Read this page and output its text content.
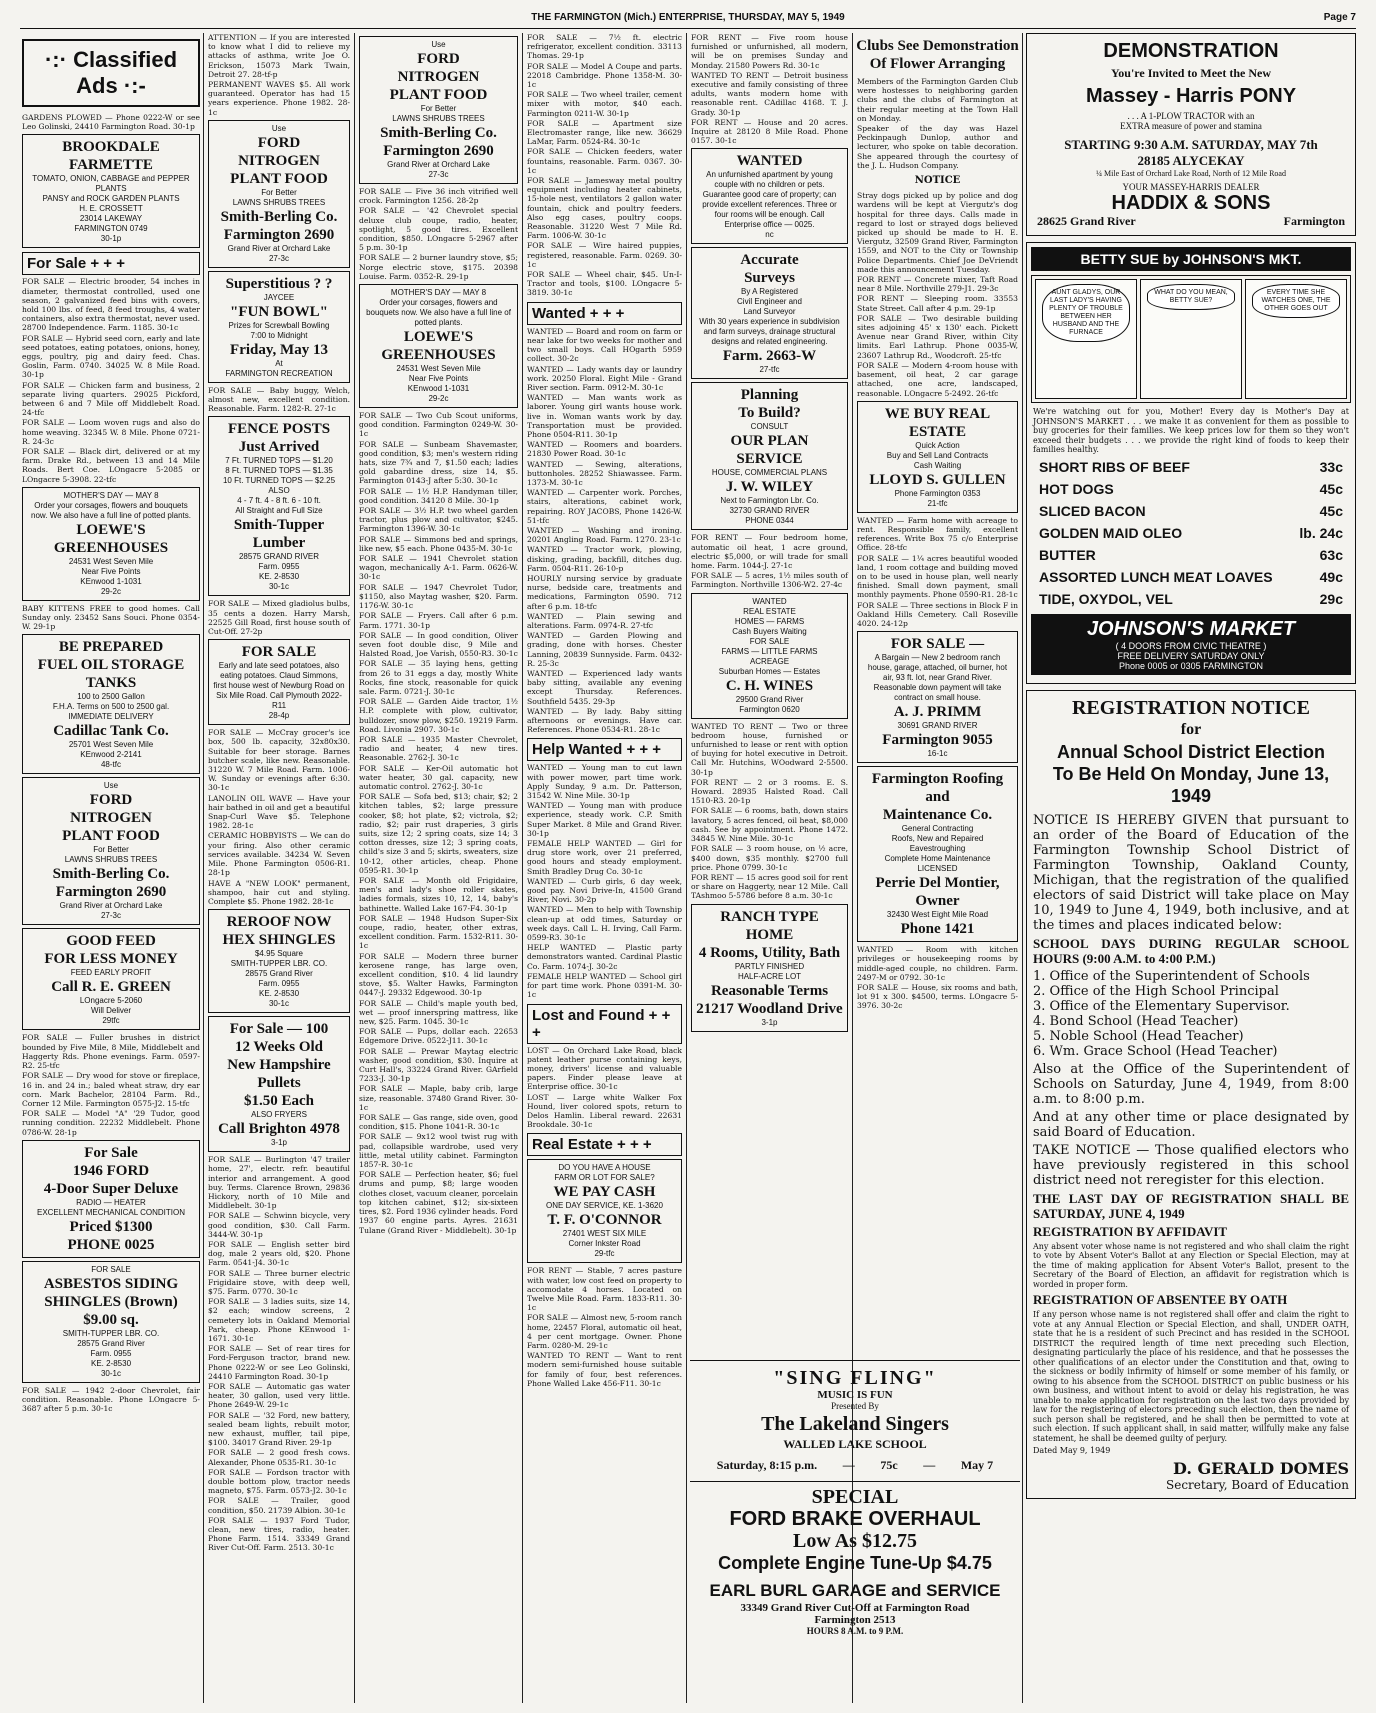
THE FARMINGTON (Mich.) ENTERPRISE, THURSDAY, MAY 5, 1949	Page 7
·:· Classified Ads ·:-

GARDENS PLOWED — Phone 0222-W or see Leo Golinski, 24410 Farmington Road. 30-1p

BROOKDALE FARMETTE
TOMATO, ONION, CABBAGE and PEPPER PLANTS
PANSY and ROCK GARDEN PLANTS
H. E. CROSSETT
23014 LAKEWAY
FARMINGTON 0749
30-1p
For Sale + + +

FOR SALE — Electric brooder, 54 inches in diameter, thermostat controlled, used one season, 2 galvanized feed bins with covers, hold 100 lbs. of feed, 8 feed troughs, 4 water containers, also extra thermostat, never used. 28700 Independence. Farm. 1185. 30-1c

FOR SALE — Hybrid seed corn, early and late seed potatoes, eating potatoes, onions, honey, eggs, poultry, pig and dairy feed. Chas. Goslin, Farm. 0740. 34025 W. 8 Mile Road. 30-1p

FOR SALE — Chicken farm and business, 2 separate living quarters. 29025 Pickford, between 6 and 7 Mile off Middlebelt Road. 24-tfc

FOR SALE — Loom woven rugs and also do home weaving. 32345 W. 8 Mile. Phone 0721-R. 24-3c

FOR SALE — Black dirt, delivered or at my farm. Drake Rd., between 13 and 14 Mile Roads. Bert Coe. LOngacre 5-2085 or LOngacre 5-3908. 22-tfc

MOTHER'S DAY — MAY 8
Order your corsages, flowers and bouquets now. We also have a full line of potted plants.
LOEWE'S GREENHOUSES
24531 West Seven Mile
Near Five Points
KEnwood 1-1031
29-2c

BABY KITTENS FREE to good homes. Call Sunday only. 23452 Sans Souci. Phone 0354-W. 29-1p

BE PREPARED
FUEL OIL STORAGE TANKS
100 to 2500 Gallon
F.H.A. Terms on 500 to 2500 gal.
IMMEDIATE DELIVERY
Cadillac Tank Co.
25701 West Seven Mile
KEnwood 2-2141
48-tfc
Use
FORD
NITROGEN
PLANT FOOD
For Better
LAWNS SHRUBS TREES
Smith-Berling Co.
Farmington 2690
Grand River at Orchard Lake
27-3c
GOOD FEED
FOR LESS MONEY
FEED EARLY PROFIT
Call R. E. GREEN
LOngacre 5-2060
Will Deliver
29tfc

FOR SALE — Fuller brushes in district bounded by Five Mile, 8 Mile, Middlebelt and Haggerty Rds. Phone evenings. Farm. 0597-R2. 25-tfc

FOR SALE — Dry wood for stove or fireplace, 16 in. and 24 in.; baled wheat straw, dry ear corn. Mark Bachelor, 28104 Farm. Rd., Corner 12 Mile. Farmington 0575-J2. 15-tfc

FOR SALE — Model "A" '29 Tudor, good running condition. 22232 Middlebelt. Phone 0786-W. 28-1p

For Sale
1946 FORD
4-Door Super Deluxe
RADIO — HEATER
EXCELLENT MECHANICAL CONDITION
Priced $1300
PHONE 0025
FOR SALE
ASBESTOS SIDING
SHINGLES (Brown) $9.00 sq.
SMITH-TUPPER LBR. CO.
28575 Grand River
Farm. 0955
KE. 2-8530
30-1c

FOR SALE — 1942 2-door Chevrolet, fair condition. Reasonable. Phone LOngacre 5-3687 after 5 p.m. 30-1c

ATTENTION — If you are interested to know what I did to relieve my attacks of asthma, write Joe O. Erickson, 15073 Mark Twain, Detroit 27. 28-tf-p

PERMANENT WAVES $5. All work guaranteed. Operator has had 15 years experience. Phone 1982. 28-1c

Use
FORD
NITROGEN
PLANT FOOD
For Better
LAWNS SHRUBS TREES
Smith-Berling Co.
Farmington 2690
Grand River at Orchard Lake
27-3c
Superstitious ? ?
JAYCEE
"FUN BOWL"
Prizes for Screwball Bowling
7:00 to Midnight
Friday, May 13
At
FARMINGTON RECREATION

FOR SALE — Baby buggy, Welch, almost new, excellent condition. Reasonable. Farm. 1282-R. 27-1c

FENCE POSTS
Just Arrived
7 Ft. TURNED TOPS — $1.20
8 Ft. TURNED TOPS — $1.35
10 Ft. TURNED TOPS — $2.25
ALSO
4 - 7 ft. 4 - 8 ft. 6 - 10 ft.
All Straight and Full Size
Smith-Tupper Lumber
28575 GRAND RIVER
Farm. 0955
KE. 2-8530
30-1c

FOR SALE — Mixed gladiolus bulbs, 35 cents a dozen. Harry Marsh, 22525 Gill Road, first house south of Cut-Off. 27-2p

FOR SALE
Early and late seed potatoes, also eating potatoes. Claud Simmons, first house west of Newburg Road on Six Mile Road. Call Plymouth 2022-R11
28-4p

FOR SALE — McCray grocer's ice box, 500 lb. capacity, 32x80x30. Suitable for beer storage. Barnes butcher scale, like new. Reasonable. 31220 W. 7 Mile Road. Farm. 1006-W. Sunday or evenings after 6:30. 30-1c

LANOLIN OIL WAVE — Have your hair bathed in oil and get a beautiful Snap-Curl Wave $5. Telephone 1982. 28-1c

CERAMIC HOBBYISTS — We can do your firing. Also other ceramic services available. 34234 W. Seven Mile. Phone Farmington 0506-R1. 28-1p

HAVE A "NEW LOOK" permanent, shampoo, hair cut and styling. Complete $5. Phone 1982. 28-1c

REROOF NOW
HEX SHINGLES
$4.95 Square
SMITH-TUPPER LBR. CO.
28575 Grand River
Farm. 0955
KE. 2-8530
30-1c
For Sale — 100
12 Weeks Old
New Hampshire
Pullets
$1.50 Each
ALSO FRYERS
Call Brighton 4978
3-1p

FOR SALE — Burlington '47 trailer home, 27', electr. refr. beautiful interior and arrangement. A good buy. Terms. Clarence Brown, 29836 Hickory, north of 10 Mile and Middlebelt. 30-1p

FOR SALE — Schwinn bicycle, very good condition, $30. Call Farm. 3444-W. 30-1p

FOR SALE — English setter bird dog, male 2 years old, $20. Phone Farm. 0541-J4. 30-1c

FOR SALE — Three burner electric Frigidaire stove, with deep well, $75. Farm. 0770. 30-1c

FOR SALE — 3 ladies suits, size 14, $2 each; window screens, 2 cemetery lots in Oakland Memorial Park, cheap. Phone KEnwood 1-1671. 30-1c

FOR SALE — Set of rear tires for Ford-Ferguson tractor, brand new. Phone 0222-W or see Leo Golinski, 24410 Farmington Road. 30-1p

FOR SALE — Automatic gas water heater, 30 gallon, used very little. Phone 2649-W. 29-1c

FOR SALE — '32 Ford, new battery, sealed beam lights, rebuilt motor, new exhaust, muffler, tail pipe, $100. 34017 Grand River. 29-1p

FOR SALE — 2 good fresh cows. Alexander, Phone 0535-R1. 30-1c

FOR SALE — Fordson tractor with double bottom plow, tractor needs magneto, $75. Farm. 0573-J2. 30-1c

FOR SALE — Trailer, good condition, $50. 21739 Albion. 30-1c

FOR SALE — 1937 Ford Tudor, clean, new tires, radio, heater. Phone Farm. 1514. 33349 Grand River Cut-Off. Farm. 2513. 30-1c

Use
FORD
NITROGEN
PLANT FOOD
For Better
LAWNS SHRUBS TREES
Smith-Berling Co.
Farmington 2690
Grand River at Orchard Lake
27-3c

FOR SALE — Five 36 inch vitrified well crock. Farmington 1256. 28-2p

FOR SALE — '42 Chevrolet special deluxe club coupe, radio, heater, spotlight, 5 good tires. Excellent condition, $850. LOngacre 5-2967 after 5 p.m. 30-1p

FOR SALE — 2 burner laundry stove, $5; Norge electric stove, $175. 20398 Louise. Farm. 0352-R. 29-1p

MOTHER'S DAY — MAY 8
Order your corsages, flowers and bouquets now. We also have a full line of potted plants.
LOEWE'S GREENHOUSES
24531 West Seven Mile
Near Five Points
KEnwood 1-1031
29-2c

FOR SALE — Two Cub Scout uniforms, good condition. Farmington 0249-W. 30-1c

FOR SALE — Sunbeam Shavemaster, good condition, $3; men's western riding hats, size 7¾ and 7, $1.50 each; ladies gold gabardine dress, size 14, $5. Farmington 0143-J after 5:30. 30-1c

FOR SALE — 1½ H.P. Handyman tiller, good condition. 34120 8 Mile. 30-1p

FOR SALE — 3½ H.P. two wheel garden tractor, plus plow and cultivator, $245. Farmington 1396-W. 30-1c

FOR SALE — Simmons bed and springs, like new, $5 each. Phone 0435-M. 30-1c

FOR SALE — 1941 Chevrolet station wagon, mechanically A-1. Farm. 0626-W. 30-1c

FOR SALE — 1947 Chevrolet Tudor, $1150, also Maytag washer, $20. Farm. 1176-W. 30-1c

FOR SALE — Fryers. Call after 6 p.m. Farm. 1771. 30-1p

FOR SALE — In good condition, Oliver seven foot double disc, 9 Mile and Halsted Road, Joe Varish, 0550-R3. 30-1c

FOR SALE — 35 laying hens, getting from 26 to 31 eggs a day, mostly White Rocks, fine stock, reasonable for quick sale. Farm. 0721-J. 30-1c

FOR SALE — Garden Aide tractor, 1½ H.P. complete with plow, cultivator, bulldozer, snow plow, $250. 19219 Farm. Road. Livonia 2907. 30-1c

FOR SALE — 1935 Master Chevrolet, radio and heater, 4 new tires. Reasonable. 2762-J. 30-1c

FOR SALE — Ker-Oil automatic hot water heater, 30 gal. capacity, new automatic control. 2762-J. 30-1c

FOR SALE — Sofa bed, $13; chair, $2; 2 kitchen tables, $2; large pressure cooker, $8; hot plate, $2; victrola, $2; radio, $2; pair rust draperies, 3 girls suits, size 12; 2 spring coats, size 14; 3 cotton dresses, size 12; 3 spring coats, child's size 3 and 5; skirts, sweaters, size 10-12, other articles, cheap. Phone 0595-R1. 30-1p

FOR SALE — Month old Frigidaire, men's and lady's shoe roller skates, ladies formals, sizes 10, 12, 14, baby's bathinette. Walled Lake 167-F4. 30-1p

FOR SALE — 1948 Hudson Super-Six coupe, radio, heater, other extras, excellent condition. Farm. 1532-R11. 30-1c

FOR SALE — Modern three burner kerosene range, has large oven, excellent condition, $10. 4 lid laundry stove, $5. Walter Hawks, Farmington 0447-J. 29332 Edgewood. 30-1p

FOR SALE — Child's maple youth bed, wet — proof innerspring mattress, like new, $25. Farm. 1045. 30-1c

FOR SALE — Pups, dollar each. 22653 Edgemore Drive. 0522-J11. 30-1c

FOR SALE — Prewar Maytag electric washer, good condition, $30. Inquire at Curt Hall's, 33224 Grand River. GArfield 7233-J. 30-1p

FOR SALE — Maple, baby crib, large size, reasonable. 37480 Grand River. 30-1c

FOR SALE — Gas range, side oven, good condition, $15. Phone 1041-R. 30-1c

FOR SALE — 9x12 wool twist rug with pad, collapsible wardrobe, used very little, metal utility cabinet. Farmington 1857-R. 30-1c

FOR SALE — Perfection heater, $6; fuel drums and pump, $8; large wooden clothes closet, vacuum cleaner, porcelain top kitchen cabinet, $12; six-sixteen tires, $2. Ford 1936 cylinder heads. Ford 1937 60 engine parts. Ayres. 21631 Tulane (Grand River - Middlebelt). 30-1p

FOR SALE — 7½ ft. electric refrigerator, excellent condition. 33113 Thomas. 29-1p

FOR SALE — Model A Coupe and parts. 22018 Cambridge. Phone 1358-M. 30-1c

FOR SALE — Two wheel trailer, cement mixer with motor, $40 each. Farmington 0211-W. 30-1p

FOR SALE — Apartment size Electromaster range, like new. 36629 LaMar, Farm. 0524-R4. 30-1c

FOR SALE — Chicken feeders, water fountains, reasonable. Farm. 0367. 30-1c

FOR SALE — Jamesway metal poultry equipment including heater cabinets, 15-hole nest, ventilators 2 gallon water fountain, chick and poultry feeders. Also egg cases, poultry coops. Reasonable. 31220 West 7 Mile Rd. Farm. 1006-W. 30-1c

FOR SALE — Wire haired puppies, registered, reasonable. Farm. 0269. 30-1c

FOR SALE — Wheel chair, $45. Un-I-Tractor and tools, $100. LOngacre 5-3819. 30-1c

Wanted + + +

WANTED — Board and room on farm or near lake for two weeks for mother and two small boys. Call HOgarth 5959 collect. 30-2c

WANTED — Lady wants day or laundry work. 20250 Floral. Eight Mile - Grand River section. Farm. 0912-M. 30-1c

WANTED — Man wants work as laborer. Young girl wants house work. live in. Woman wants work by day. Transportation must be provided. Phone 0504-R11. 30-1p

WANTED — Roomers and boarders. 21830 Power Road. 30-1c

WANTED — Sewing, alterations, buttonholes. 28252 Shiawassee. Farm. 1373-M. 30-1c

WANTED — Carpenter work. Porches, stairs, alterations, cabinet work, repairing. ROY JACOBS, Phone 1426-W. 51-tfc

WANTED — Washing and ironing. 20201 Angling Road. Farm. 1270. 23-1c

WANTED — Tractor work, plowing, disking, grading, backfill, ditches dug. Farm. 0504-R11. 26-10-p

HOURLY nursing service by graduate nurse, bedside care, treatments and medications, Farmington 0590. 712 after 6 p.m. 18-tfc

WANTED — Plain sewing and alterations. Farm. 0974-R. 27-tfc

WANTED — Garden Plowing and grading, done with horses. Chester Lanning, 20839 Sunnyside. Farm. 0432-R. 25-3c

WANTED — Experienced lady wants baby sitting, available any evening except Thursday. References. Southfield 5435. 29-3p

WANTED — By lady. Baby sitting afternoons or evenings. Have car. References. Phone 0534-R1. 28-1c

Help Wanted + + +

WANTED — Young man to cut lawn with power mower, part time work. Apply Sunday, 9 a.m. Dr. Patterson, 31542 W. Nine Mile. 30-1p

WANTED — Young man with produce experience, steady work. C.P. Smith Super Market. 8 Mile and Grand River. 30-1p

FEMALE HELP WANTED — Girl for drug store work, over 21 preferred, good hours and steady employment. Smith Bradley Drug Co. 30-1c

WANTED — Curb girls, 6 day week, good pay. Novi Drive-In, 41500 Grand River, Novi. 30-2p

WANTED — Men to help with Township clean-up at odd times, Saturday or week days. Call L. H. Irving, Call Farm. 0599-R3. 30-1c

HELP WANTED — Plastic party demonstrators wanted. Cardinal Plastic Co. Farm. 1074-J. 30-2c

FEMALE HELP WANTED — School girl for part time work. Phone 0391-M. 30-1c

Lost and Found + + +

LOST — On Orchard Lake Road, black patent leather purse containing keys, money, drivers' license and valuable papers. Finder please leave at Enterprise office. 30-1c

LOST — Large white Walker Fox Hound, liver colored spots, return to Delos Hamlin. Liberal reward. 22631 Brookdale. 30-1c

Real Estate + + +
DO YOU HAVE A HOUSE
FARM OR LOT FOR SALE?
WE PAY CASH
ONE DAY SERVICE, KE. 1-3620
T. F. O'CONNOR
27401 WEST SIX MILE
Corner Inkster Road
29-tfc

FOR RENT — Stable, 7 acres pasture with water, low cost feed on property to accomodate 4 horses. Located on Twelve Mile Road. Farm. 1833-R11. 30-1c

FOR SALE — Almost new, 5-room ranch home, 22457 Floral, automatic oil heat, 4 per cent mortgage. Owner. Phone Farm. 0280-M. 29-1c

WANTED TO RENT — Want to rent modern semi-furnished house suitable for family of four, best references. Phone Walled Lake 456-F11. 30-1c

FOR RENT — Five room house furnished or unfurnished, all modern, will be on premises Sunday and Monday. 21580 Powers Rd. 30-1c

WANTED TO RENT — Detroit business executive and family consisting of three adults, wants modern home with reasonable rent. CAdillac 4168. T. J. Grady. 30-1p

FOR RENT — House and 20 acres. Inquire at 28120 8 Mile Road. Phone 0157. 30-1c

WANTED
An unfurnished apartment by young couple with no children or pets. Guarantee good care of property; can provide excellent references. Three or four rooms will be enough. Call Enterprise office — 0025.
nc
Accurate
Surveys
By A Registered
Civil Engineer and
Land Surveyor
With 30 years experience in subdivision and farm surveys, drainage structural designs and related engineering.
Farm. 2663-W
27-tfc
Planning
To Build?
CONSULT
OUR PLAN SERVICE
HOUSE, COMMERCIAL PLANS
J. W. WILEY
Next to Farmington Lbr. Co.
32730 GRAND RIVER
PHONE 0344

FOR RENT — Four bedroom home, automatic oil heat, 1 acre ground, electric $5,000, or will trade for small home. Farm. 1044-J. 27-1c

FOR SALE — 5 acres, 1½ miles south of Farmington. Northville 1306-W2. 27-4c

WANTED
REAL ESTATE
HOMES — FARMS
Cash Buyers Waiting
FOR SALE
FARMS — LITTLE FARMS
ACREAGE
Suburban Homes — Estates
C. H. WINES
29500 Grand River
Farmington 0620

WANTED TO RENT — Two or three bedroom house, furnished or unfurnished to lease or rent with option of buying for hotel executive in Detroit. Call Mr. Hutchins, WOodward 2-5500. 30-1p

FOR RENT — 2 or 3 rooms. E. S. Howard. 28935 Halsted Road. Call 1510-R3. 20-1p

FOR SALE — 6 rooms, bath, down stairs lavatory, 5 acres fenced, oil heat, $8,000 cash. See by appointment. Phone 1472. 34845 W. Nine Mile. 30-1c

FOR SALE — 3 room house, on ½ acre, $400 down, $35 monthly. $2700 full price. Phone 0799. 30-1c

FOR RENT — 15 acres good soil for rent or share on Haggerty, near 12 Mile. Call TAshmoo 5-5786 before 8 a.m. 30-1c

RANCH TYPE
HOME
4 Rooms, Utility, Bath
PARTLY FINISHED
HALF-ACRE LOT
Reasonable Terms
21217 Woodland Drive
3-1p
Clubs See Demonstration Of Flower Arranging

Members of the Farmington Garden Club were hostesses to neighboring garden clubs and the clubs of Farmington at their regular meeting at the Town Hall on Monday.

Speaker of the day was Hazel Peckinpaugh Dunlop, author and lecturer, who spoke on table decoration. She appeared through the courtesy of the J. L. Hudson Company.

NOTICE
Stray dogs picked up by police and dog wardens will be kept at Viergutz's dog hospital for three days. Calls made in regard to lost or strayed dogs believed picked up should be made to H. E. Viergutz, 32509 Grand River, Farmington 1559, and NOT to the City or Township Police Departments. Chief Joe DeVriendt made this announcement Tuesday.

FOR RENT — Concrete mixer, Taft Road near 8 Mile. Northville 279-J1. 29-3c

FOR RENT — Sleeping room. 33553 State Street. Call after 4 p.m. 29-1p

FOR SALE — Two desirable building sites adjoining 45' x 130' each. Pickett Avenue near Grand River, within City limits. Earl Lathrup. Phone 0035-W, 23607 Lathrup Rd., Woodcroft. 25-tfc

FOR SALE — Modern 4-room house with basement, oil heat, 2 car garage attached, one acre, landscaped, reasonable. LOngacre 5-2492. 26-tfc

WE BUY REAL ESTATE
Quick Action
Buy and Sell Land Contracts
Cash Waiting
LLOYD S. GULLEN
Phone Farmington 0353
21-tfc

WANTED — Farm home with acreage to rent. Responsible family, excellent references. Write Box 75 c/o Enterprise Office. 28-tfc

FOR SALE — 1¼ acres beautiful wooded land, 1 room cottage and building moved on to be used in house plan, well nearly finished. Small down payment, small monthly payments. Phone 0590-R1. 28-1c

FOR SALE — Three sections in Block F in Oakland Hills Cemetery. Call Roseville 4020. 24-12p

FOR SALE —
A Bargain — New 2 bedroom ranch house, garage, attached, oil burner, hot air, 93 ft. lot, near Grand River. Reasonable down payment will take contract on small house.
A. J. PRIMM
30691 GRAND RIVER
Farmington 9055
16-1c
Farmington Roofing
and
Maintenance Co.
General Contracting
Roofs, New and Repaired
Eavestroughing
Complete Home Maintenance
LICENSED
Perrie Del Montier,
Owner
32430 West Eight Mile Road
Phone 1421

WANTED — Room with kitchen privileges or housekeeping rooms by middle-aged couple, no children. Farm. 2497-M or 0792. 30-1c

FOR SALE — House, six rooms and bath, lot 91 x 300. $4500, terms. LOngacre 5-3976. 30-2c

"SING FLING"
MUSIC IS FUN
Presented By
The Lakeland Singers
WALLED LAKE SCHOOL
Saturday, 8:15 p.m. — 75c — May 7
SPECIAL
FORD BRAKE OVERHAUL
Low As $12.75
Complete Engine Tune-Up $4.75
EARL BURL GARAGE and SERVICE
33349 Grand River Cut-Off at Farmington Road
Farmington 2513
HOURS 8 A.M. to 9 P.M.
DEMONSTRATION
You're Invited to Meet the New
Massey - Harris PONY
. . . A 1-PLOW TRACTOR with an
EXTRA measure of power and stamina
STARTING 9:30 A.M. SATURDAY, MAY 7th
28185 ALYCEKAY
¼ Mile East of Orchard Lake Road, North of 12 Mile Road
YOUR MASSEY-HARRIS DEALER
HADDIX & SONS
28625 Grand River	Farmington
BETTY SUE by JOHNSON'S MKT.
AUNT GLADYS, OUR LAST LADY'S HAVING PLENTY OF TROUBLE BETWEEN HER HUSBAND AND THE FURNACE
WHAT DO YOU MEAN, BETTY SUE?
EVERY TIME SHE WATCHES ONE, THE OTHER GOES OUT
We're watching out for you, Mother! Every day is Mother's Day at JOHNSON'S MARKET . . . we make it as convenient for them as possible to buy groceries for their families. We keep prices low for them so they won't exceed their budgets . . . we provide the right kind of foods to keep their families healthy.
SHORT RIBS OF BEEF	33c
HOT DOGS	45c
SLICED BACON	45c
GOLDEN MAID OLEO	lb. 24c
BUTTER	63c
ASSORTED LUNCH MEAT LOAVES	49c
TIDE, OXYDOL, VEL	29c
JOHNSON'S MARKET
( 4 DOORS FROM CIVIC THEATRE )
FREE DELIVERY SATURDAY ONLY
Phone 0005 or 0305 FARMINGTON
REGISTRATION NOTICE
for
Annual School District Election
To Be Held On Monday, June 13, 1949

NOTICE IS HEREBY GIVEN that pursuant to an order of the Board of Education of the Farmington Township School District of Farmington Township, Oakland County, Michigan, that the registration of the qualified electors of said District will take place on May 10, 1949 to June 4, 1949, both inclusive, and at the times and places indicated below:

SCHOOL DAYS DURING REGULAR SCHOOL HOURS (9:00 A.M. to 4:00 P.M.)

1. Office of the Superintendent of Schools
2. Office of the High School Principal
3. Office of the Elementary Supervisor.
4. Bond School (Head Teacher)
5. Noble School (Head Teacher)
6. Wm. Grace School (Head Teacher)

Also at the Office of the Superintendent of Schools on Saturday, June 4, 1949, from 8:00 a.m. to 8:00 p.m.

And at any other time or place designated by said Board of Education.

TAKE NOTICE — Those qualified electors who have previously registered in this school district need not reregister for this election.

THE LAST DAY OF REGISTRATION SHALL BE SATURDAY, JUNE 4, 1949

REGISTRATION BY AFFIDAVIT

Any absent voter whose name is not registered and who shall claim the right to vote by Absent Voter's Ballot at any Election or Special Election, may at the time of making application for Absent Voter's Ballot, present to the Secretary of the Board of Election, an affidavit for registration which is worded in proper form.

REGISTRATION OF ABSENTEE BY OATH

If any person whose name is not registered shall offer and claim the right to vote at any Annual Election or Special Election, and shall, UNDER OATH, state that he is a resident of such Precinct and has resided in the SCHOOL DISTRICT the required length of time next preceding such Election, designating particularly the place of his residence, and that he possesses the other qualifications of an elector under the Constitution and that, owing to the sickness or bodily infirmity of himself or some member of his family, or owing to his absence from the SCHOOL DISTRICT on public business or his own business, and without intent to avoid or delay his registration, he was unable to make application for registration on the last two days provided by law for the registering of electors preceding such election, then the name of such person shall be registered, and he shall then be permitted to vote at such election. If such applicant shall, in said matter, willfully make any false statement, he shall be deemed guilty of perjury.

Dated May 9, 1949

D. GERALD DOMES
Secretary, Board of Education
